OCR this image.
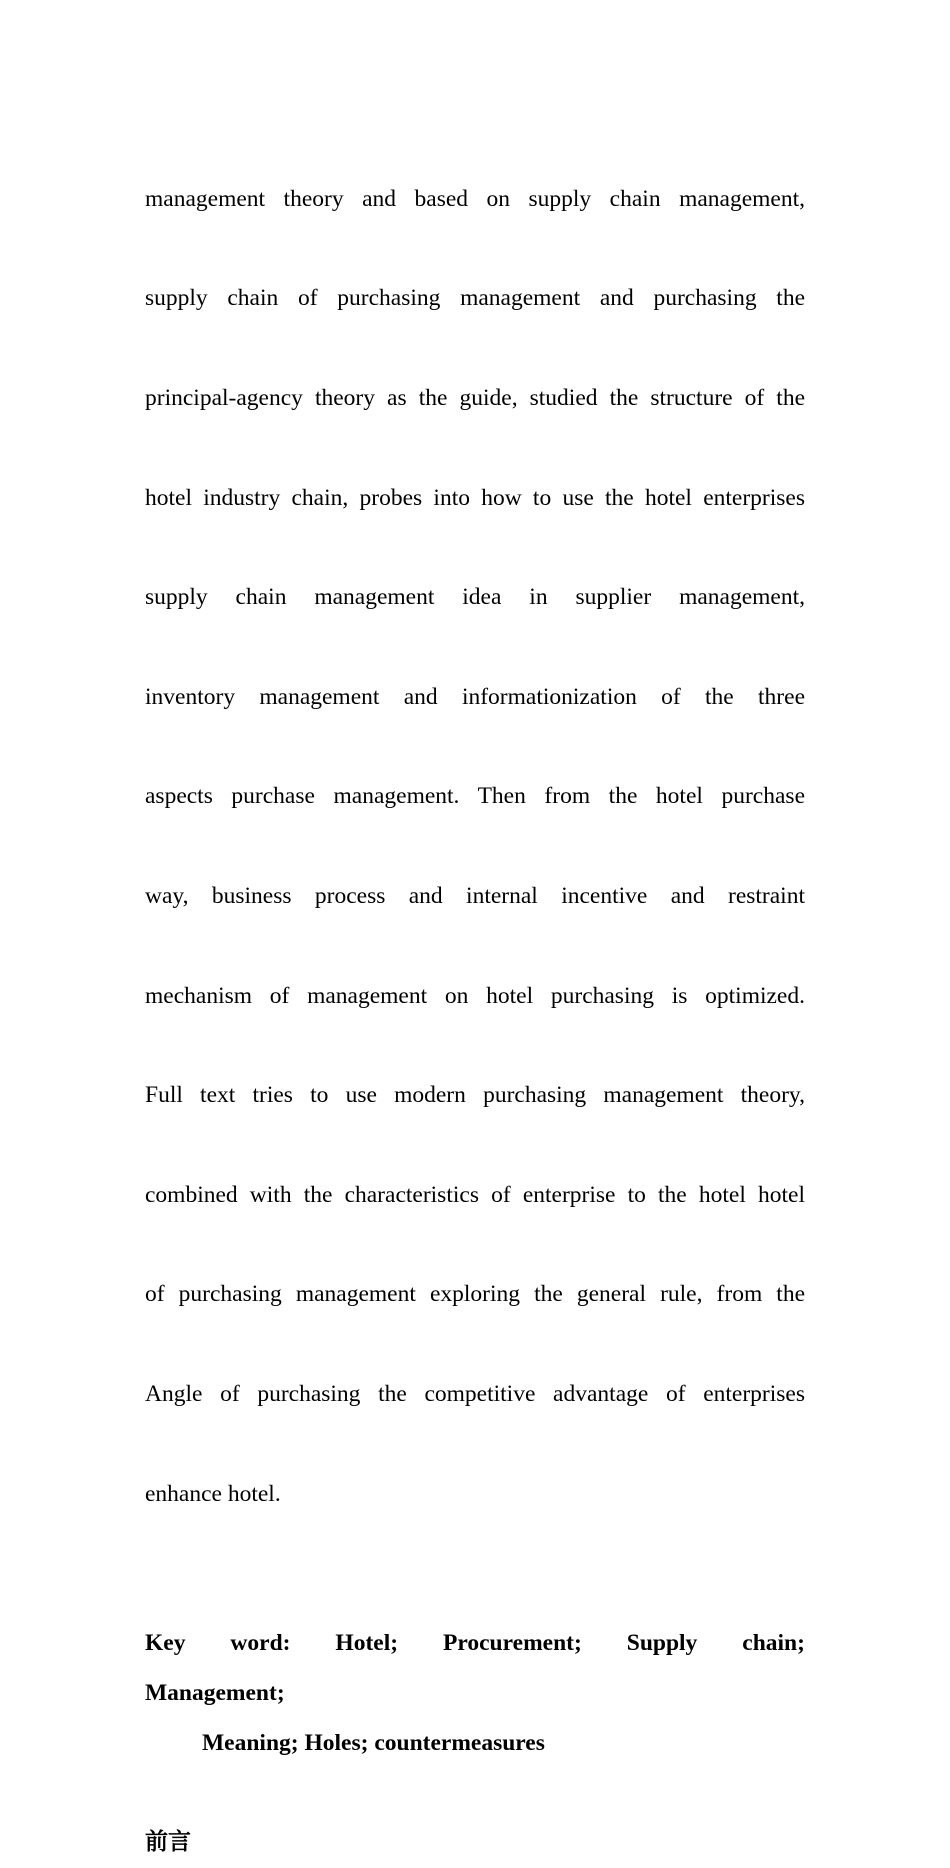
management theory and based on supply chain management,

supply chain of purchasing management and purchasing the

principal-agency theory as the guide, studied the structure of the

hotel industry chain, probes into how to use the hotel enterprises

supply chain management idea in supplier management,

inventory management and informationization of the three

aspects purchase management. Then from the hotel purchase

way, business process and internal incentive and restraint

mechanism of management on hotel purchasing is optimized.

Full text tries to use modern purchasing management theory,

combined with the characteristics of enterprise to the hotel hotel

of purchasing management exploring the general rule, from the

Angle of purchasing the competitive advantage of enterprises

enhance hotel.

Key word: Hotel; Procurement; Supply chain;
Management;
Meaning; Holes; countermeasures
前言
